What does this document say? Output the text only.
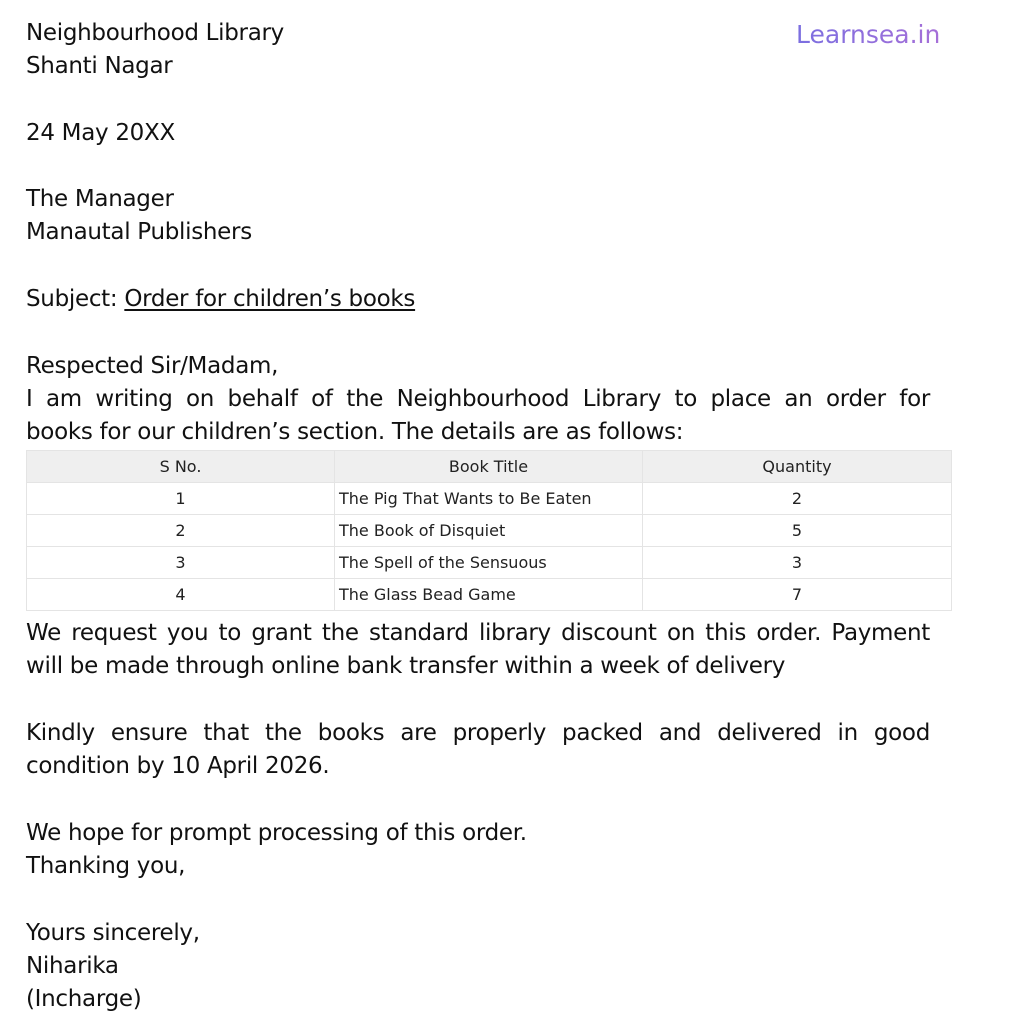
Learnsea.in
Neighbourhood Library
Shanti Nagar
24 May 20XX
The Manager
Manautal Publishers
Subject: Order for children’s books
Respected Sir/Madam,
I am writing on behalf of the Neighbourhood Library to place an order for
books for our children’s section. The details are as follows:
S No.	Book Title	Quantity
1	The Pig That Wants to Be Eaten	2
2	The Book of Disquiet	5
3	The Spell of the Sensuous	3
4	The Glass Bead Game	7
We request you to grant the standard library discount on this order. Payment
will be made through online bank transfer within a week of delivery
Kindly ensure that the books are properly packed and delivered in good
condition by 10 April 2026.
We hope for prompt processing of this order.
Thanking you,
Yours sincerely,
Niharika
(Incharge)
